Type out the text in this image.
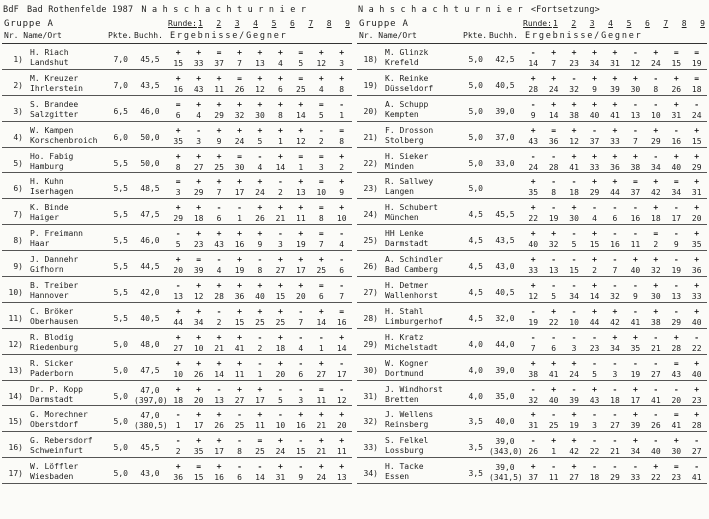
BdF Bad Rothenfelde 1987 N a h s c h a c h t u r n i e r
Gruppe A	Runde: 1 2 3 4 5 6 7 8 9
Nr. Name/Ort	Pkte. Buchh. Ergebnisse/Gegner
1)
H. Riach
Landshut	7,0	45,5
+	+	=	+	+	+	=	+	+
15	33	37	7	13	4	5	12	3
2)
M. Kreuzer
Ihrlerstein	7,0	43,5
+	+	+	=	+	+	=	+	+
16	43	11	26	12	6	25	4	8
3)
S. Brandee
Salzgitter	6,5	46,0
=	+	+	+	+	+	+	=	-
6	4	29	32	30	8	14	5	1
4)
W. Kampen
Korschenbroich	6,0	50,0
+	-	+	+	+	+	+	-	=
35	3	9	24	5	1	12	2	8
5)
Ho. Fabig
Hamburg	5,5	50,0
+	+	+	=	-	+	=	=	+
8	27	25	30	4	14	1	3	2
6)
H. Kuhn
Iserhagen	5,5	48,5
=	+	+	+	+	-	+	=	+
3	29	7	17	24	2	13	10	9
7)
K. Binde
Haiger	5,5	47,5
+	+	-	-	+	+	+	=	+
29	18	6	1	26	21	11	8	10
8)
P. Freimann
Haar	5,5	46,0
-	+	+	+	+	-	+	=	-
5	23	43	16	9	3	19	7	4
9)
J. Dannehr
Gifhorn	5,5	44,5
+	=	-	+	-	+	+	+	-
20	39	4	19	8	27	17	25	6
10)
B. Treiber
Hannover	5,5	42,0
-	+	+	+	+	+	+	=	-
13	12	28	36	40	15	20	6	7
11)
C. Bröker
Oberhausen	5,5	40,5
+	+	-	+	+	+	-	+	=
44	34	2	15	25	25	7	14	16
12)
R. Blodig
Riedenburg	5,0	48,0
+	+	+	+	-	+	-	-	+
27	10	21	41	2	18	4	1	14
13)
R. Sicker
Paderborn	5,0	47,5
+	+	+	+	-	+	-	+	-
10	26	14	11	1	20	6	27	17
14)
Dr. P. Kopp
Darmstadt	5,0
47,0
(397,0)
+	+	-	+	+	-	-	=	-
18	20	13	27	17	5	3	11	12
15)
G. Morechner
Oberstdorf	5,0
47,0
(380,5)
-	+	+	-	+	-	+	+	+
1	17	26	25	11	10	16	21	20
16)
G. Rebersdorf
Schweinfurt	5,0	45,5
-	+	+	-	=	+	-	+	+
2	35	17	8	25	24	15	21	11
17)
W. Löffler
Wiesbaden	5,0	43,0
+	=	+	-	-	+	-	+	+
36	15	16	6	14	31	9	24	13
N a h s c h a c h t u r n i e r <Fortsetzung>
Gruppe A	Runde: 1 2 3 4 5 6 7 8 9
Nr. Name/Ort	Pkte. Buchh. Ergebnisse/Gegner
18)
M. Glinzk
Krefeld	5,0	42,5
-	+	+	+	+	-	+	=	=
14	7	23	34	31	12	24	15	19
19)
K. Reinke
Düsseldorf	5,0	40,5
+	+	-	+	+	+	-	+	=
28	24	32	9	39	30	8	26	18
20)
A. Schupp
Kempten	5,0	39,0
-	+	+	+	+	-	-	+	-
9	14	38	40	41	13	10	31	24
21)
F. Drosson
Stolberg	5,0	37,0
+	=	+	-	+	-	+	-	+
43	36	12	37	33	7	29	16	15
22)
H. Sieker
Minden	5,0	33,0
-	-	+	+	+	+	-	+	+
24	28	41	33	36	38	34	40	29
23)
R. Sallwey
Langen	5,0
+	-	-	+	+	=	+	=	+
35	8	18	29	44	37	42	34	31
24)
H. Schubert
München	4,5	45,5
+	-	+	-	-	-	+	-	+
22	19	30	4	6	16	18	17	20
25)
HH Lenke
Darmstadt	4,5	43,5
+	+	-	+	-	-	=	-	+
40	32	5	15	16	11	2	9	35
26)
A. Schindler
Bad Camberg	4,5	43,0
+	-	-	+	-	+	+	-	+
33	13	15	2	7	40	32	19	36
27)
H. Detmer
Wallenhorst	4,5	40,5
+	-	-	+	-	-	+	-	+
12	5	34	14	32	9	30	13	33
28)
H. Stahl
Limburgerhof	4,5	32,0
-	+	-	+	+	-	+	-	+
19	22	10	44	42	41	38	29	40
29)
H. Kratz
Michelstadt	4,0	44,0
-	-	-	-	+	+	-	+	-
7	6	3	23	34	35	21	28	22
30)
W. Kogner
Dortmund	4,0	39,0
+	+	+	-	-	-	-	=	+
38	41	24	5	3	19	27	43	40
31)
J. Windhorst
Bretten	4,0	35,0
-	+	-	+	-	+	-	-	+
32	40	39	43	18	17	41	20	23
32)
J. Wellens
Reinsberg	3,5	40,0
+	-	+	-	-	+	-	=	+
31	25	19	3	27	39	26	41	28
33)
S. Felkel
Lossburg	3,5
39,0
(343,0)
-	+	+	-	-	+	-	+	-
26	1	42	22	21	34	40	30	27
34)
H. Tacke
Essen	3,5
39,0
(341,5)
+	-	+	-	-	-	+	=	-
37	11	27	18	29	33	22	23	41
